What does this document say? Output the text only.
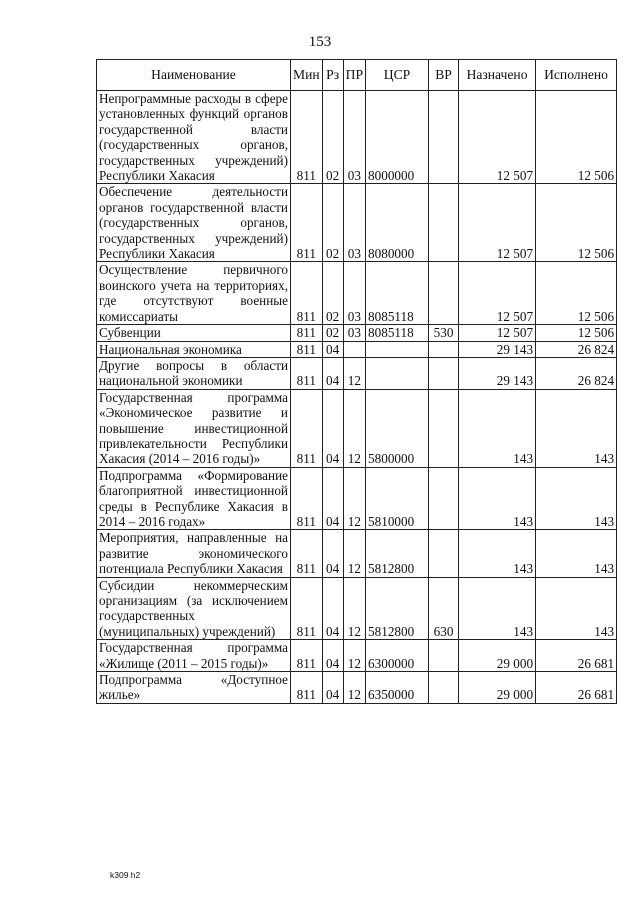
153
Наименование	Мин	Рз	ПР	ЦСР	ВР	Назначено	Исполнено
Непрограммные расходы в сфере установленных функций органов государственной власти (государственных органов, государственных учреждений) Республики Хакасия	811	02	03	8000000		12 507	12 506
Обеспечение деятельности органов государственной власти (государственных органов, государственных учреждений) Республики Хакасия	811	02	03	8080000		12 507	12 506
Осуществление первичного воинского учета на территориях, где отсутствуют военные комиссариаты	811	02	03	8085118		12 507	12 506
Субвенции	811	02	03	8085118	530	12 507	12 506
Национальная экономика	811	04				29 143	26 824
Другие вопросы в области национальной экономики	811	04	12			29 143	26 824
Государственная программа «Экономическое развитие и повышение инвестиционной привлекательности Республики Хакасия (2014 – 2016 годы)»	811	04	12	5800000		143	143
Подпрограмма «Формирование благоприятной инвестиционной среды в Республике Хакасия в 2014 – 2016 годах»	811	04	12	5810000		143	143
Мероприятия, направленные на развитие экономического потенциала Республики Хакасия	811	04	12	5812800		143	143
Субсидии некоммерческим организациям (за исключением государственных (муниципальных) учреждений)	811	04	12	5812800	630	143	143
Государственная программа «Жилище (2011 – 2015 годы)»	811	04	12	6300000		29 000	26 681
Подпрограмма «Доступное жилье»	811	04	12	6350000		29 000	26 681
k309 h2
